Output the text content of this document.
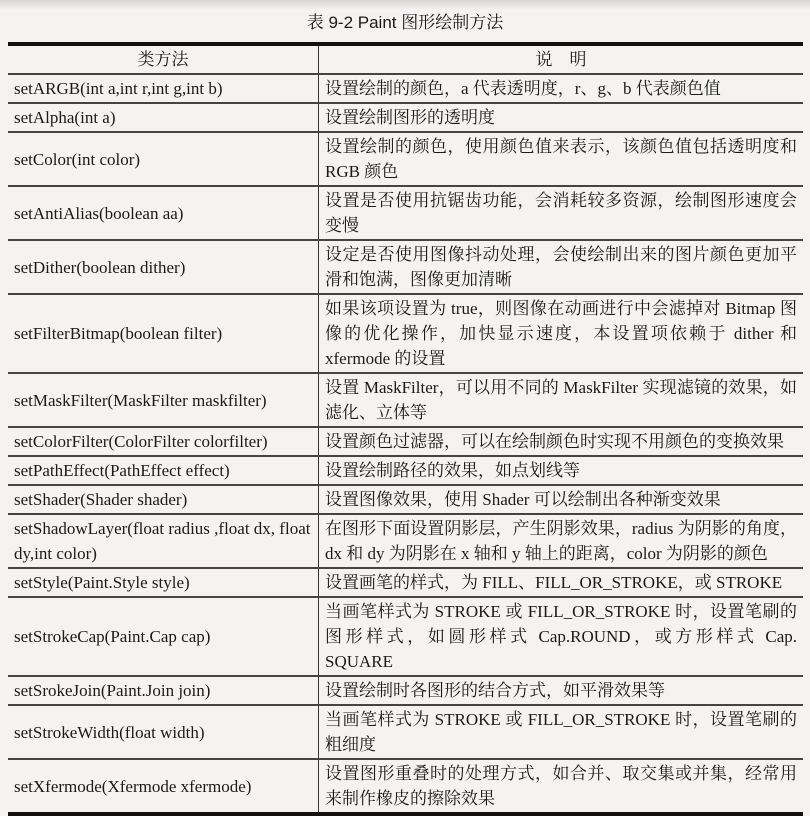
表 9-2 Paint 图形绘制方法
类方法	说　明
setARGB(int a,int r,int g,int b)	设置绘制的颜色，a 代表透明度，r、g、b 代表颜色值
setAlpha(int a)	设置绘制图形的透明度
setColor(int color)	设置绘制的颜色，使用颜色值来表示，该颜色值包括透明度和 RGB 颜色
setAntiAlias(boolean aa)	设置是否使用抗锯齿功能，会消耗较多资源，绘制图形速度会变慢
setDither(boolean dither)	设定是否使用图像抖动处理，会使绘制出来的图片颜色更加平滑和饱满，图像更加清晰
setFilterBitmap(boolean filter)	如果该项设置为 true，则图像在动画进行中会滤掉对 Bitmap 图像的优化操作，加快显示速度，本设置项依赖于 dither 和 xfermode 的设置
setMaskFilter(MaskFilter maskfilter)	设置 MaskFilter，可以用不同的 MaskFilter 实现滤镜的效果，如滤化、立体等
setColorFilter(ColorFilter colorfilter)	设置颜色过滤器，可以在绘制颜色时实现不用颜色的变换效果
setPathEffect(PathEffect effect)	设置绘制路径的效果，如点划线等
setShader(Shader shader)	设置图像效果，使用 Shader 可以绘制出各种渐变效果
setShadowLayer(float radius ,float dx, float dy,int color)	在图形下面设置阴影层，产生阴影效果，radius 为阴影的角度，dx 和 dy 为阴影在 x 轴和 y 轴上的距离，color 为阴影的颜色
setStyle(Paint.Style style)	设置画笔的样式，为 FILL、FILL_OR_STROKE，或 STROKE
setStrokeCap(Paint.Cap cap)	当画笔样式为 STROKE 或 FILL_OR_STROKE 时，设置笔刷的图形样式，如圆形样式 Cap.ROUND，或方形样式 Cap. SQUARE
setSrokeJoin(Paint.Join join)	设置绘制时各图形的结合方式，如平滑效果等
setStrokeWidth(float width)	当画笔样式为 STROKE 或 FILL_OR_STROKE 时，设置笔刷的粗细度
setXfermode(Xfermode xfermode)	设置图形重叠时的处理方式，如合并、取交集或并集，经常用来制作橡皮的擦除效果
